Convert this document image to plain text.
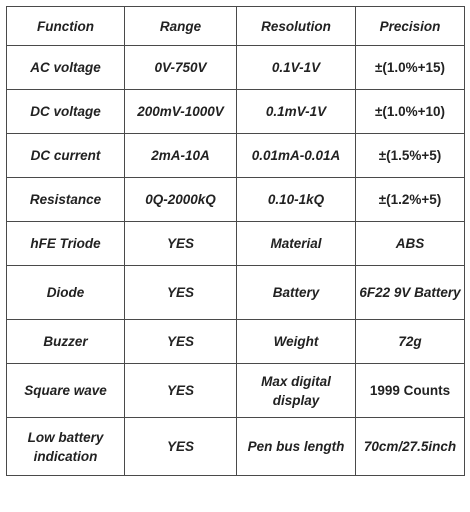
Function	Range	Resolution	Precision
AC voltage	0V-750V	0.1V-1V	±(1.0%+15)
DC voltage	200mV-1000V	0.1mV-1V	±(1.0%+10)
DC current	2mA-10A	0.01mA-0.01A	±(1.5%+5)
Resistance	0Q-2000kQ	0.10-1kQ	±(1.2%+5)
hFE Triode	YES	Material	ABS
Diode	YES	Battery	6F22 9V Battery
Buzzer	YES	Weight	72g
Square wave	YES	Max digital display	1999 Counts
Low battery indication	YES	Pen bus length	70cm/27.5inch
